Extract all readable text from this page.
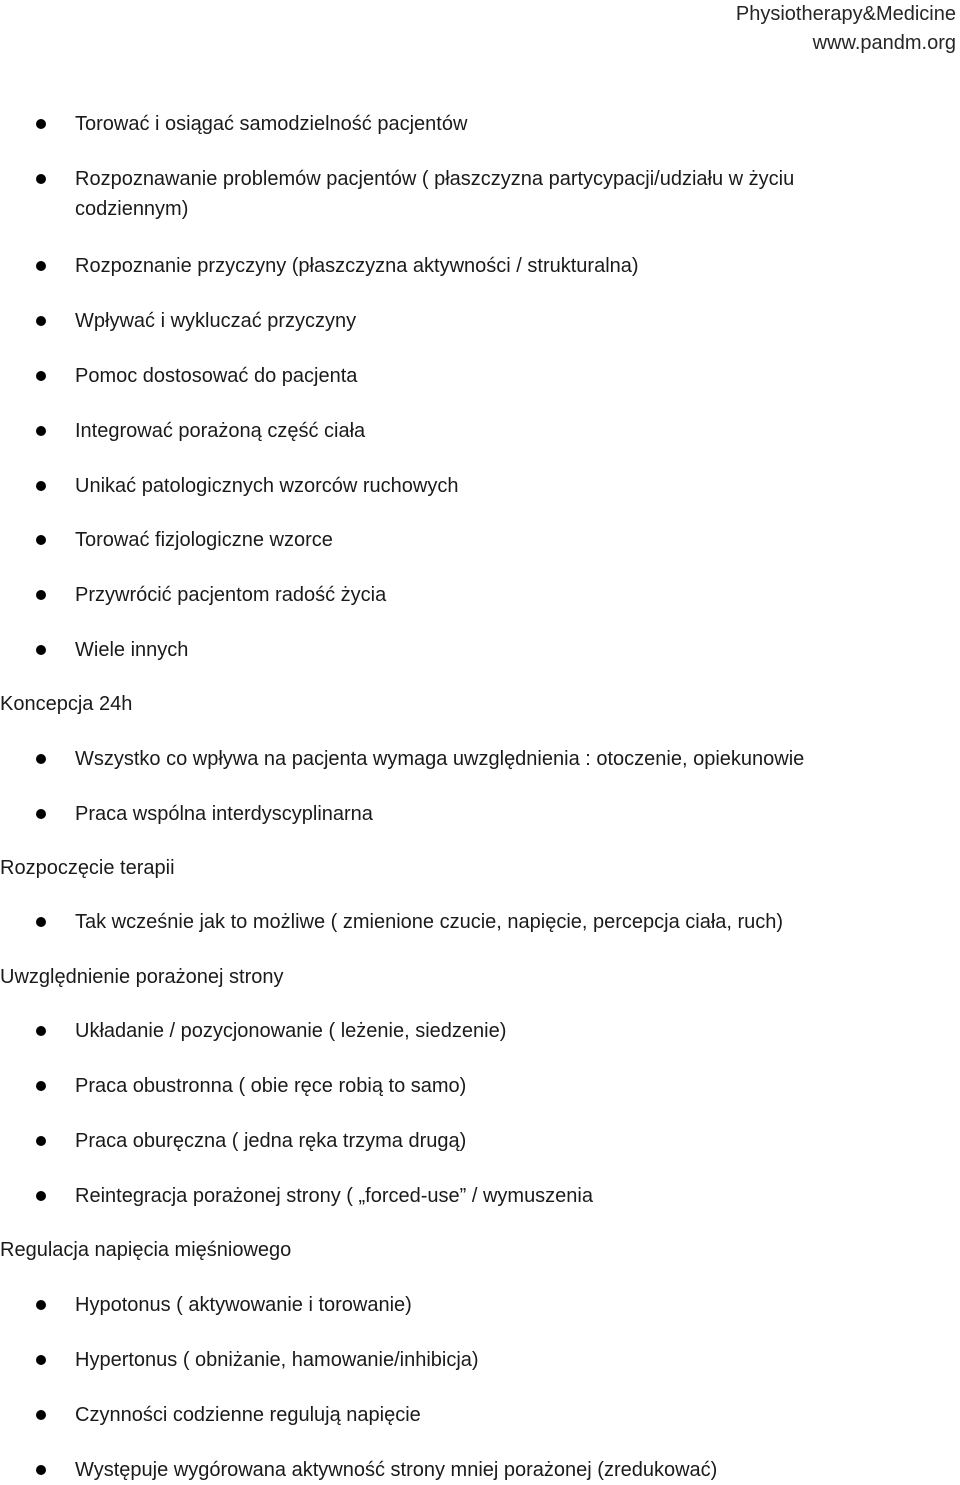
Physiotherapy&Medicine
www.pandm.org
Torować i osiągać samodzielność pacjentów
Rozpoznawanie problemów pacjentów ( płaszczyzna partycypacji/udziału w życiu codziennym)
Rozpoznanie przyczyny (płaszczyzna aktywności / strukturalna)
Wpływać i wykluczać przyczyny
Pomoc dostosować do pacjenta
Integrować porażoną część ciała
Unikać patologicznych wzorców ruchowych
Torować fizjologiczne wzorce
Przywrócić pacjentom radość życia
Wiele innych
Koncepcja 24h
Wszystko co wpływa na pacjenta wymaga uwzględnienia : otoczenie, opiekunowie
Praca wspólna interdyscyplinarna
Rozpoczęcie terapii
Tak wcześnie jak to możliwe ( zmienione czucie, napięcie, percepcja ciała, ruch)
Uwzględnienie porażonej strony
Układanie / pozycjonowanie ( leżenie, siedzenie)
Praca obustronna ( obie ręce robią to samo)
Praca oburęczna ( jedna ręka trzyma drugą)
Reintegracja porażonej strony ( „forced-use” / wymuszenia
Regulacja napięcia mięśniowego
Hypotonus ( aktywowanie i torowanie)
Hypertonus ( obniżanie, hamowanie/inhibicja)
Czynności codzienne regulują napięcie
Występuje wygórowana aktywność strony mniej porażonej (zredukować)
